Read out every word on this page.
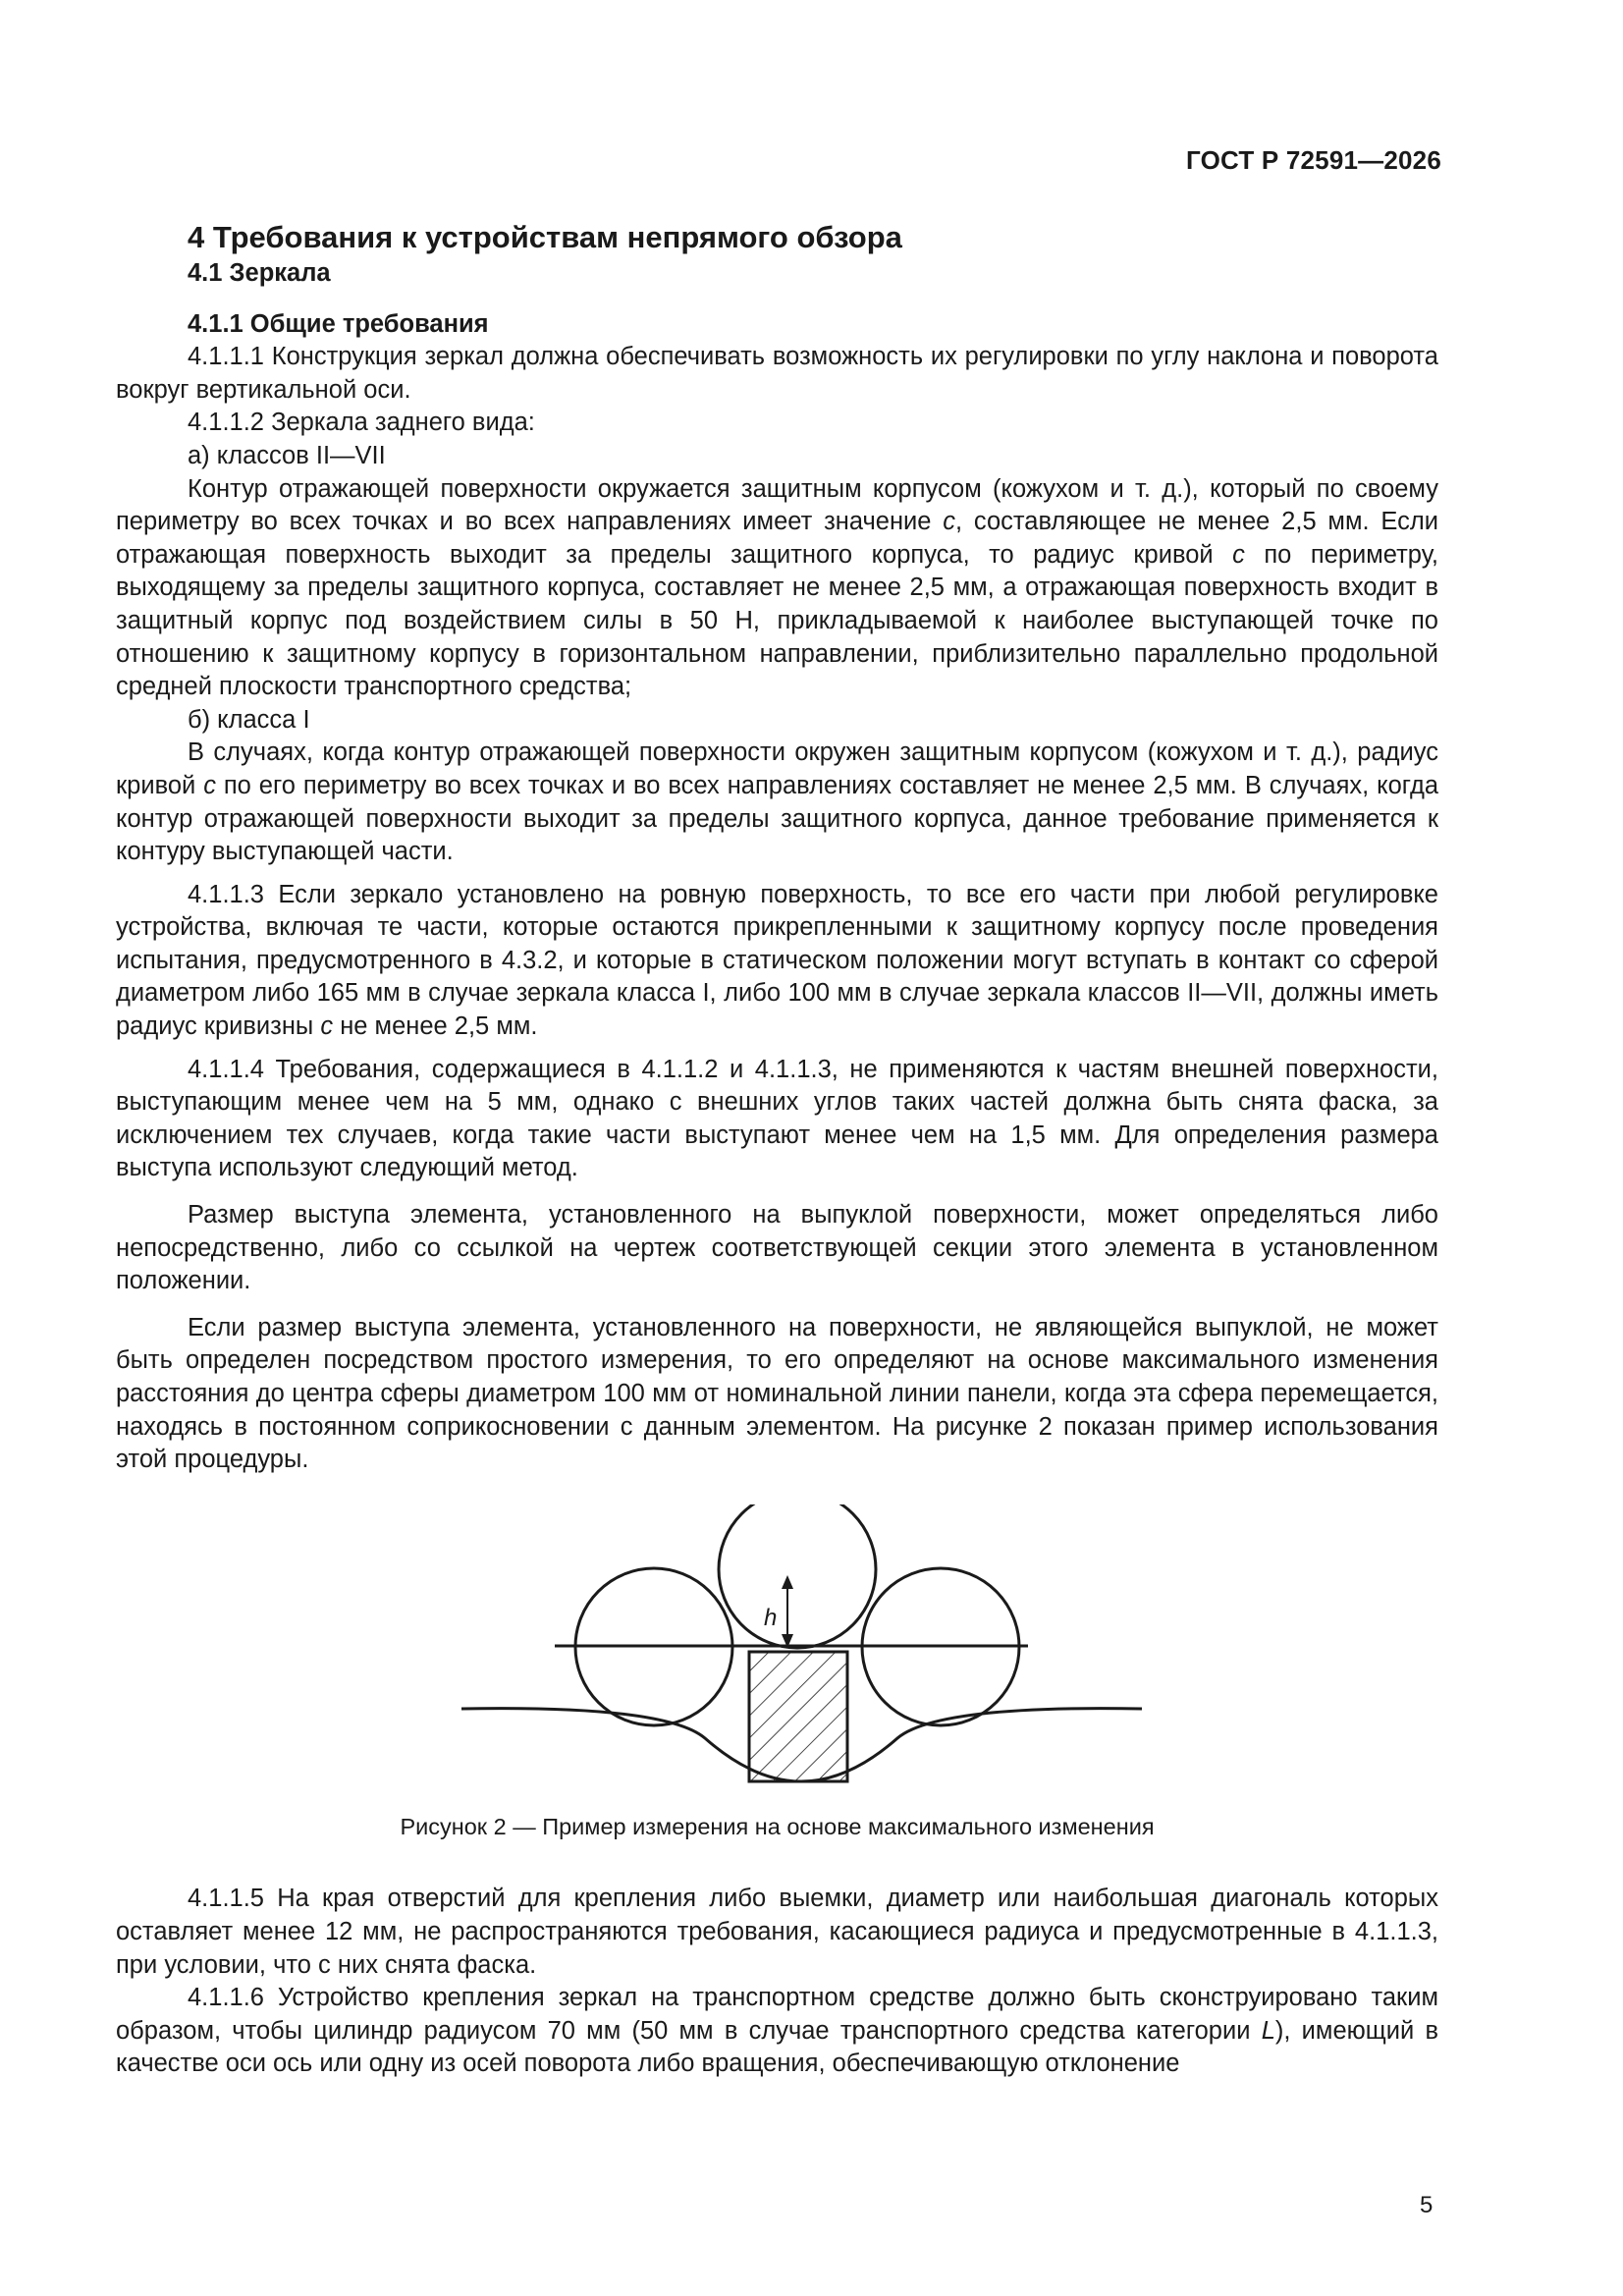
ГОСТ Р 72591—2026

4 Требования к устройствам непрямого обзора

4.1 Зеркала

4.1.1 Общие требования

4.1.1.1 Конструкция зеркал должна обеспечивать возможность их регулировки по углу наклона и поворота вокруг вертикальной оси.

4.1.1.2 Зеркала заднего вида:

а) классов II—VII

Контур отражающей поверхности окружается защитным корпусом (кожухом и т. д.), который по своему периметру во всех точках и во всех направлениях имеет значение c, составляющее не менее 2,5 мм. Если отражающая поверхность выходит за пределы защитного корпуса, то радиус кривой c по периметру, выходящему за пределы защитного корпуса, составляет не менее 2,5 мм, а отражающая поверхность входит в защитный корпус под воздействием силы в 50 Н, прикладываемой к наиболее выступающей точке по отношению к защитному корпусу в горизонтальном направлении, приблизительно параллельно продольной средней плоскости транспортного средства;

б) класса I

В случаях, когда контур отражающей поверхности окружен защитным корпусом (кожухом и т. д.), радиус кривой c по его периметру во всех точках и во всех направлениях составляет не менее 2,5 мм. В случаях, когда контур отражающей поверхности выходит за пределы защитного корпуса, данное требование применяется к контуру выступающей части.

4.1.1.3 Если зеркало установлено на ровную поверхность, то все его части при любой регулировке устройства, включая те части, которые остаются прикрепленными к защитному корпусу после проведения испытания, предусмотренного в 4.3.2, и которые в статическом положении могут вступать в контакт со сферой диаметром либо 165 мм в случае зеркала класса I, либо 100 мм в случае зеркала классов II—VII, должны иметь радиус кривизны c не менее 2,5 мм.

4.1.1.4 Требования, содержащиеся в 4.1.1.2 и 4.1.1.3, не применяются к частям внешней поверхности, выступающим менее чем на 5 мм, однако с внешних углов таких частей должна быть снята фаска, за исключением тех случаев, когда такие части выступают менее чем на 1,5 мм. Для определения размера выступа используют следующий метод.

Размер выступа элемента, установленного на выпуклой поверхности, может определяться либо непосредственно, либо со ссылкой на чертеж соответствующей секции этого элемента в установленном положении.

Если размер выступа элемента, установленного на поверхности, не являющейся выпуклой, не может быть определен посредством простого измерения, то его определяют на основе максимального изменения расстояния до центра сферы диаметром 100 мм от номинальной линии панели, когда эта сфера перемещается, находясь в постоянном соприкосновении с данным элементом. На рисунке 2 показан пример использования этой процедуры.

h

Рисунок 2 — Пример измерения на основе максимального изменения

4.1.1.5 На края отверстий для крепления либо выемки, диаметр или наибольшая диагональ которых оставляет менее 12 мм, не распространяются требования, касающиеся радиуса и предусмотренные в 4.1.1.3, при условии, что с них снята фаска.

4.1.1.6 Устройство крепления зеркал на транспортном средстве должно быть сконструировано таким образом, чтобы цилиндр радиусом 70 мм (50 мм в случае транспортного средства категории L), имеющий в качестве оси ось или одну из осей поворота либо вращения, обеспечивающую отклонение

5
